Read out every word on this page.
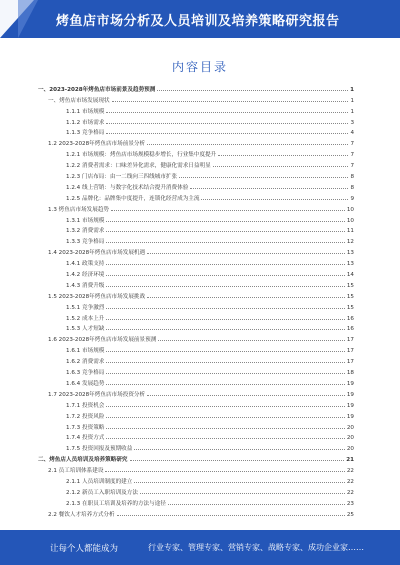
烤鱼店市场分析及人员培训及培养策略研究报告
内容目录
一、2023-2028年烤鱼店市场前景及趋势预测	1
一、烤鱼店市场发展现状	1
1.1.1 市场规模	1
1.1.2 市场需求	3
1.1.3 竞争格局	4
1.2 2023-2028年烤鱼店市场前景分析	7
1.2.1 市场规模：烤鱼店市场规模稳步增长，行业集中度提升	7
1.2.2 消费者需求：口味差异化需求，健康化需求日益明显	7
1.2.3 门店布局：由一二线向三四线城市扩张	8
1.2.4 线上营销：与数字化技术结合提升消费体验	8
1.2.5 品牌化：品牌集中度提升，连锁化经营成为主流	9
1.3 烤鱼店市场发展趋势	10
1.3.1 市场规模	10
1.3.2 消费需求	11
1.3.3 竞争格局	12
1.4 2023-2028年烤鱼店市场发展机遇	13
1.4.1 政策支持	13
1.4.2 经济环境	14
1.4.3 消费升级	15
1.5 2023-2028年烤鱼店市场发展挑战	15
1.5.1 竞争激烈	15
1.5.2 成本上升	16
1.5.3 人才短缺	16
1.6 2023-2028年烤鱼店市场发展前景预测	17
1.6.1 市场规模	17
1.6.2 消费需求	17
1.6.3 竞争格局	18
1.6.4 发展趋势	19
1.7 2023-2028年烤鱼店市场投资分析	19
1.7.1 投资机会	19
1.7.2 投资风险	19
1.7.3 投资策略	20
1.7.4 投资方式	20
1.7.5 投资回报及预期收益	20
二、烤鱼店人员培训及培养策略研究	21
2.1 员工培训体系建设	22
2.1.1 人员培训制度的建立	22
2.1.2 新员工入职培训及方法	22
2.1.3 在职员工培训及培养的方法与途径	23
2.2 餐饮人才培养方式分析	25
让每个人都能成为	行业专家、管理专家、营销专家、战略专家、成功企业家……
